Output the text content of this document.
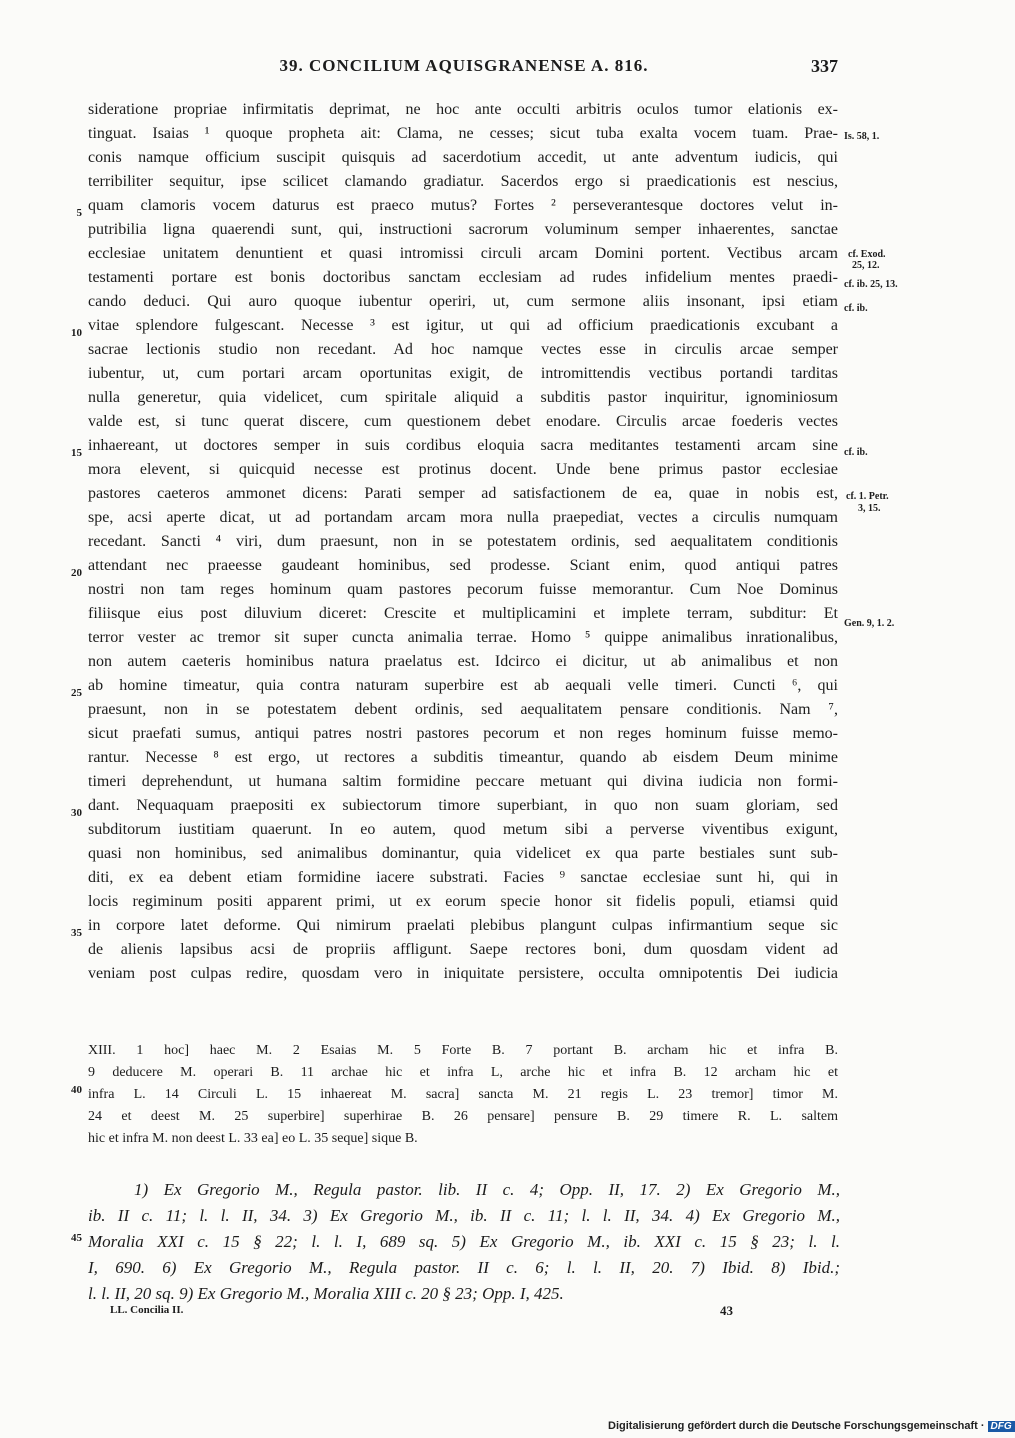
39. CONCILIUM AQUISGRANENSE A. 816.	337
sideratione propriae infirmitatis deprimat, ne hoc ante occulti arbitris oculos tumor elationis ex-
tinguat. Isaias ¹ quoque propheta ait: Clama, ne cesses; sicut tuba exalta vocem tuam. Prae-
conis namque officium suscipit quisquis ad sacerdotium accedit, ut ante adventum iudicis, qui
terribiliter sequitur, ipse scilicet clamando gradiatur. Sacerdos ergo si praedicationis est nescius,
quam clamoris vocem daturus est praeco mutus? Fortes ² perseverantesque doctores velut in-
putribilia ligna quaerendi sunt, qui, instructioni sacrorum voluminum semper inhaerentes, sanctae
ecclesiae unitatem denuntient et quasi intromissi circuli arcam Domini portent. Vectibus arcam
testamenti portare est bonis doctoribus sanctam ecclesiam ad rudes infidelium mentes praedi-
cando deduci. Qui auro quoque iubentur operiri, ut, cum sermone aliis insonant, ipsi etiam
vitae splendore fulgescant. Necesse ³ est igitur, ut qui ad officium praedicationis excubant a
sacrae lectionis studio non recedant. Ad hoc namque vectes esse in circulis arcae semper
iubentur, ut, cum portari arcam oportunitas exigit, de intromittendis vectibus portandi tarditas
nulla generetur, quia videlicet, cum spiritale aliquid a subditis pastor inquiritur, ignominiosum
valde est, si tunc querat discere, cum questionem debet enodare. Circulis arcae foederis vectes
inhaereant, ut doctores semper in suis cordibus eloquia sacra meditantes testamenti arcam sine
mora elevent, si quicquid necesse est protinus docent. Unde bene primus pastor ecclesiae
pastores caeteros ammonet dicens: Parati semper ad satisfactionem de ea, quae in nobis est,
spe, acsi aperte dicat, ut ad portandam arcam mora nulla praepediat, vectes a circulis numquam
recedant. Sancti ⁴ viri, dum praesunt, non in se potestatem ordinis, sed aequalitatem conditionis
attendant nec praeesse gaudeant hominibus, sed prodesse. Sciant enim, quod antiqui patres
nostri non tam reges hominum quam pastores pecorum fuisse memorantur. Cum Noe Dominus
filiisque eius post diluvium diceret: Crescite et multiplicamini et implete terram, subditur: Et
terror vester ac tremor sit super cuncta animalia terrae. Homo ⁵ quippe animalibus inrationalibus,
non autem caeteris hominibus natura praelatus est. Idcirco ei dicitur, ut ab animalibus et non
ab homine timeatur, quia contra naturam superbire est ab aequali velle timeri. Cuncti ⁶, qui
praesunt, non in se potestatem debent ordinis, sed aequalitatem pensare conditionis. Nam ⁷,
sicut praefati sumus, antiqui patres nostri pastores pecorum et non reges hominum fuisse memo-
rantur. Necesse ⁸ est ergo, ut rectores a subditis timeantur, quando ab eisdem Deum minime
timeri deprehendunt, ut humana saltim formidine peccare metuant qui divina iudicia non formi-
dant. Nequaquam praepositi ex subiectorum timore superbiant, in quo non suam gloriam, sed
subditorum iustitiam quaerunt. In eo autem, quod metum sibi a perverse viventibus exigunt,
quasi non hominibus, sed animalibus dominantur, quia videlicet ex qua parte bestiales sunt sub-
diti, ex ea debent etiam formidine iacere substrati. Facies ⁹ sanctae ecclesiae sunt hi, qui in
locis regiminum positi apparent primi, ut ex eorum specie honor sit fidelis populi, etiamsi quid
in corpore latet deforme. Qui nimirum praelati plebibus plangunt culpas infirmantium seque sic
de alienis lapsibus acsi de propriis affligunt. Saepe rectores boni, dum quosdam vident ad
veniam post culpas redire, quosdam vero in iniquitate persistere, occulta omnipotentis Dei iudicia
5
10
15
20
25
30
35
40
45
Is. 58, 1.
cf. Exod.
25, 12.
cf. ib. 25, 13.
cf. ib.
cf. ib.
cf. 1. Petr.
3, 15.
Gen. 9, 1. 2.
XIII. 1 hoc] haec M. 2 Esaias M. 5 Forte B. 7 portant B. archam hic et infra B.
9 deducere M. operari B. 11 archae hic et infra L, arche hic et infra B. 12 archam hic et
infra L. 14 Circuli L. 15 inhaereat M. sacra] sancta M. 21 regis L. 23 tremor] timor M.
24 et deest M. 25 superbire] superhirae B. 26 pensare] pensure B. 29 timere R. L. saltem
hic et infra M. non deest L. 33 ea] eo L. 35 seque] sique B.
1) Ex Gregorio M., Regula pastor. lib. II c. 4; Opp. II, 17. 2) Ex Gregorio M.,
ib. II c. 11; l. l. II, 34. 3) Ex Gregorio M., ib. II c. 11; l. l. II, 34. 4) Ex Gregorio M.,
Moralia XXI c. 15 § 22; l. l. I, 689 sq. 5) Ex Gregorio M., ib. XXI c. 15 § 23; l. l.
I, 690. 6) Ex Gregorio M., Regula pastor. II c. 6; l. l. II, 20. 7) Ibid. 8) Ibid.;
l. l. II, 20 sq. 9) Ex Gregorio M., Moralia XIII c. 20 § 23; Opp. I, 425.
LL. Concilia II.	43
Digitalisierung gefördert durch die Deutsche Forschungsgemeinschaft · DFG
